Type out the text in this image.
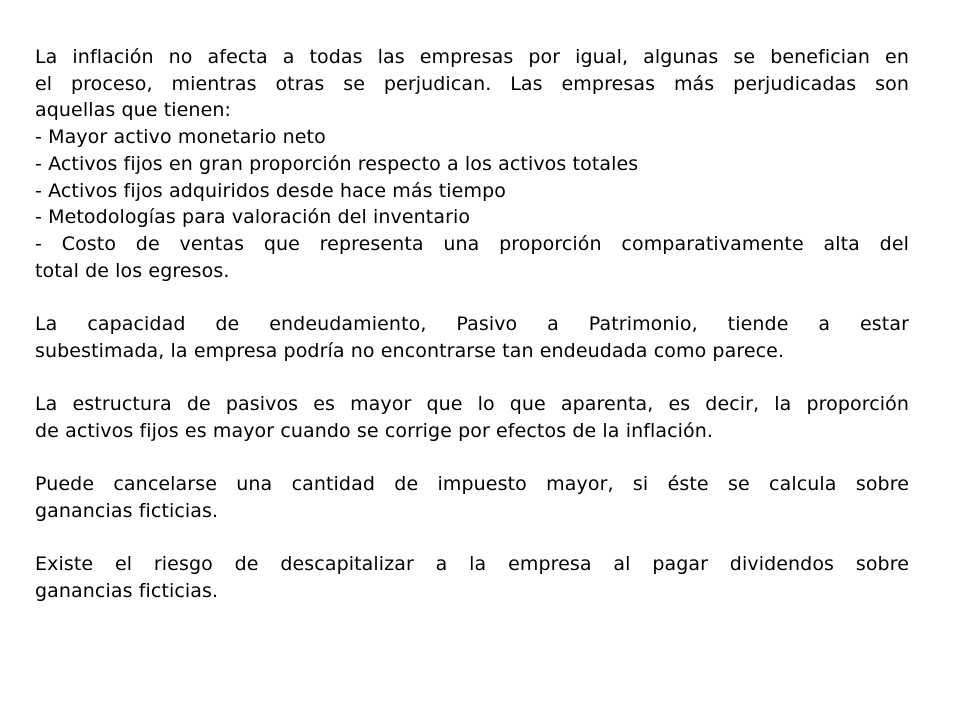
La inflación no afecta a todas las empresas por igual, algunas se benefician en
el proceso, mientras otras se perjudican. Las empresas más perjudicadas son
aquellas que tienen:
- Mayor activo monetario neto
- Activos fijos en gran proporción respecto a los activos totales
- Activos fijos adquiridos desde hace más tiempo
- Metodologías para valoración del inventario
- Costo de ventas que representa una proporción comparativamente alta del
total de los egresos.
La capacidad de endeudamiento, Pasivo a Patrimonio, tiende a estar
subestimada, la empresa podría no encontrarse tan endeudada como parece.
La estructura de pasivos es mayor que lo que aparenta, es decir, la proporción
de activos fijos es mayor cuando se corrige por efectos de la inflación.
Puede cancelarse una cantidad de impuesto mayor, si éste se calcula sobre
ganancias ficticias.
Existe el riesgo de descapitalizar a la empresa al pagar dividendos sobre
ganancias ficticias.
